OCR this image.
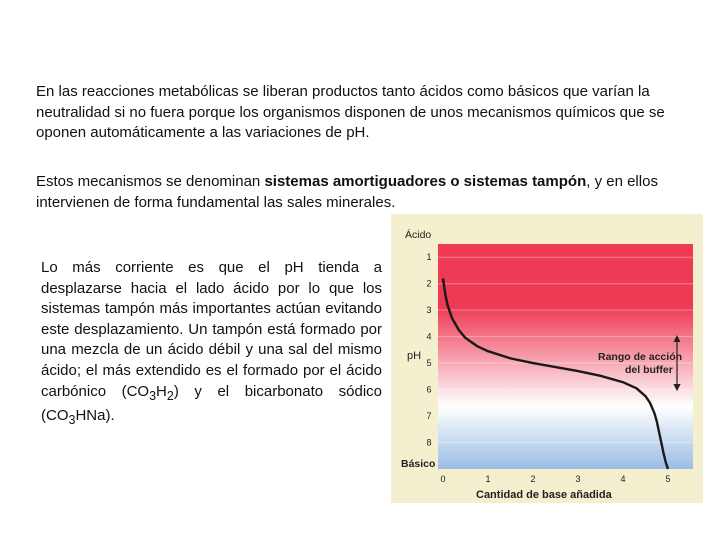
En las reacciones metabólicas se liberan productos tanto ácidos como básicos que varían la neutralidad si no fuera porque los organismos disponen de unos mecanismos químicos que se oponen automáticamente a las variaciones de pH.

Estos mecanismos se denominan sistemas amortiguadores o sistemas tampón, y en ellos intervienen de forma fundamental las sales minerales.

Lo más corriente es que el pH tienda a desplazarse hacia el lado ácido por lo que los sistemas tampón más importantes actúan evitando este desplazamiento. Un tampón está formado por una mezcla de un ácido débil y una sal del mismo ácido; el más extendido es el formado por el ácido carbónico $(CO_3H_2)$ y el bicarbonato sódico $(CO_3HNa)$.

1
2
3
4
5
6
7
8
0	1	2	3	4	5
Ácido
Básico
pH
Cantidad de base añadida
Rango de acción
del buffer
